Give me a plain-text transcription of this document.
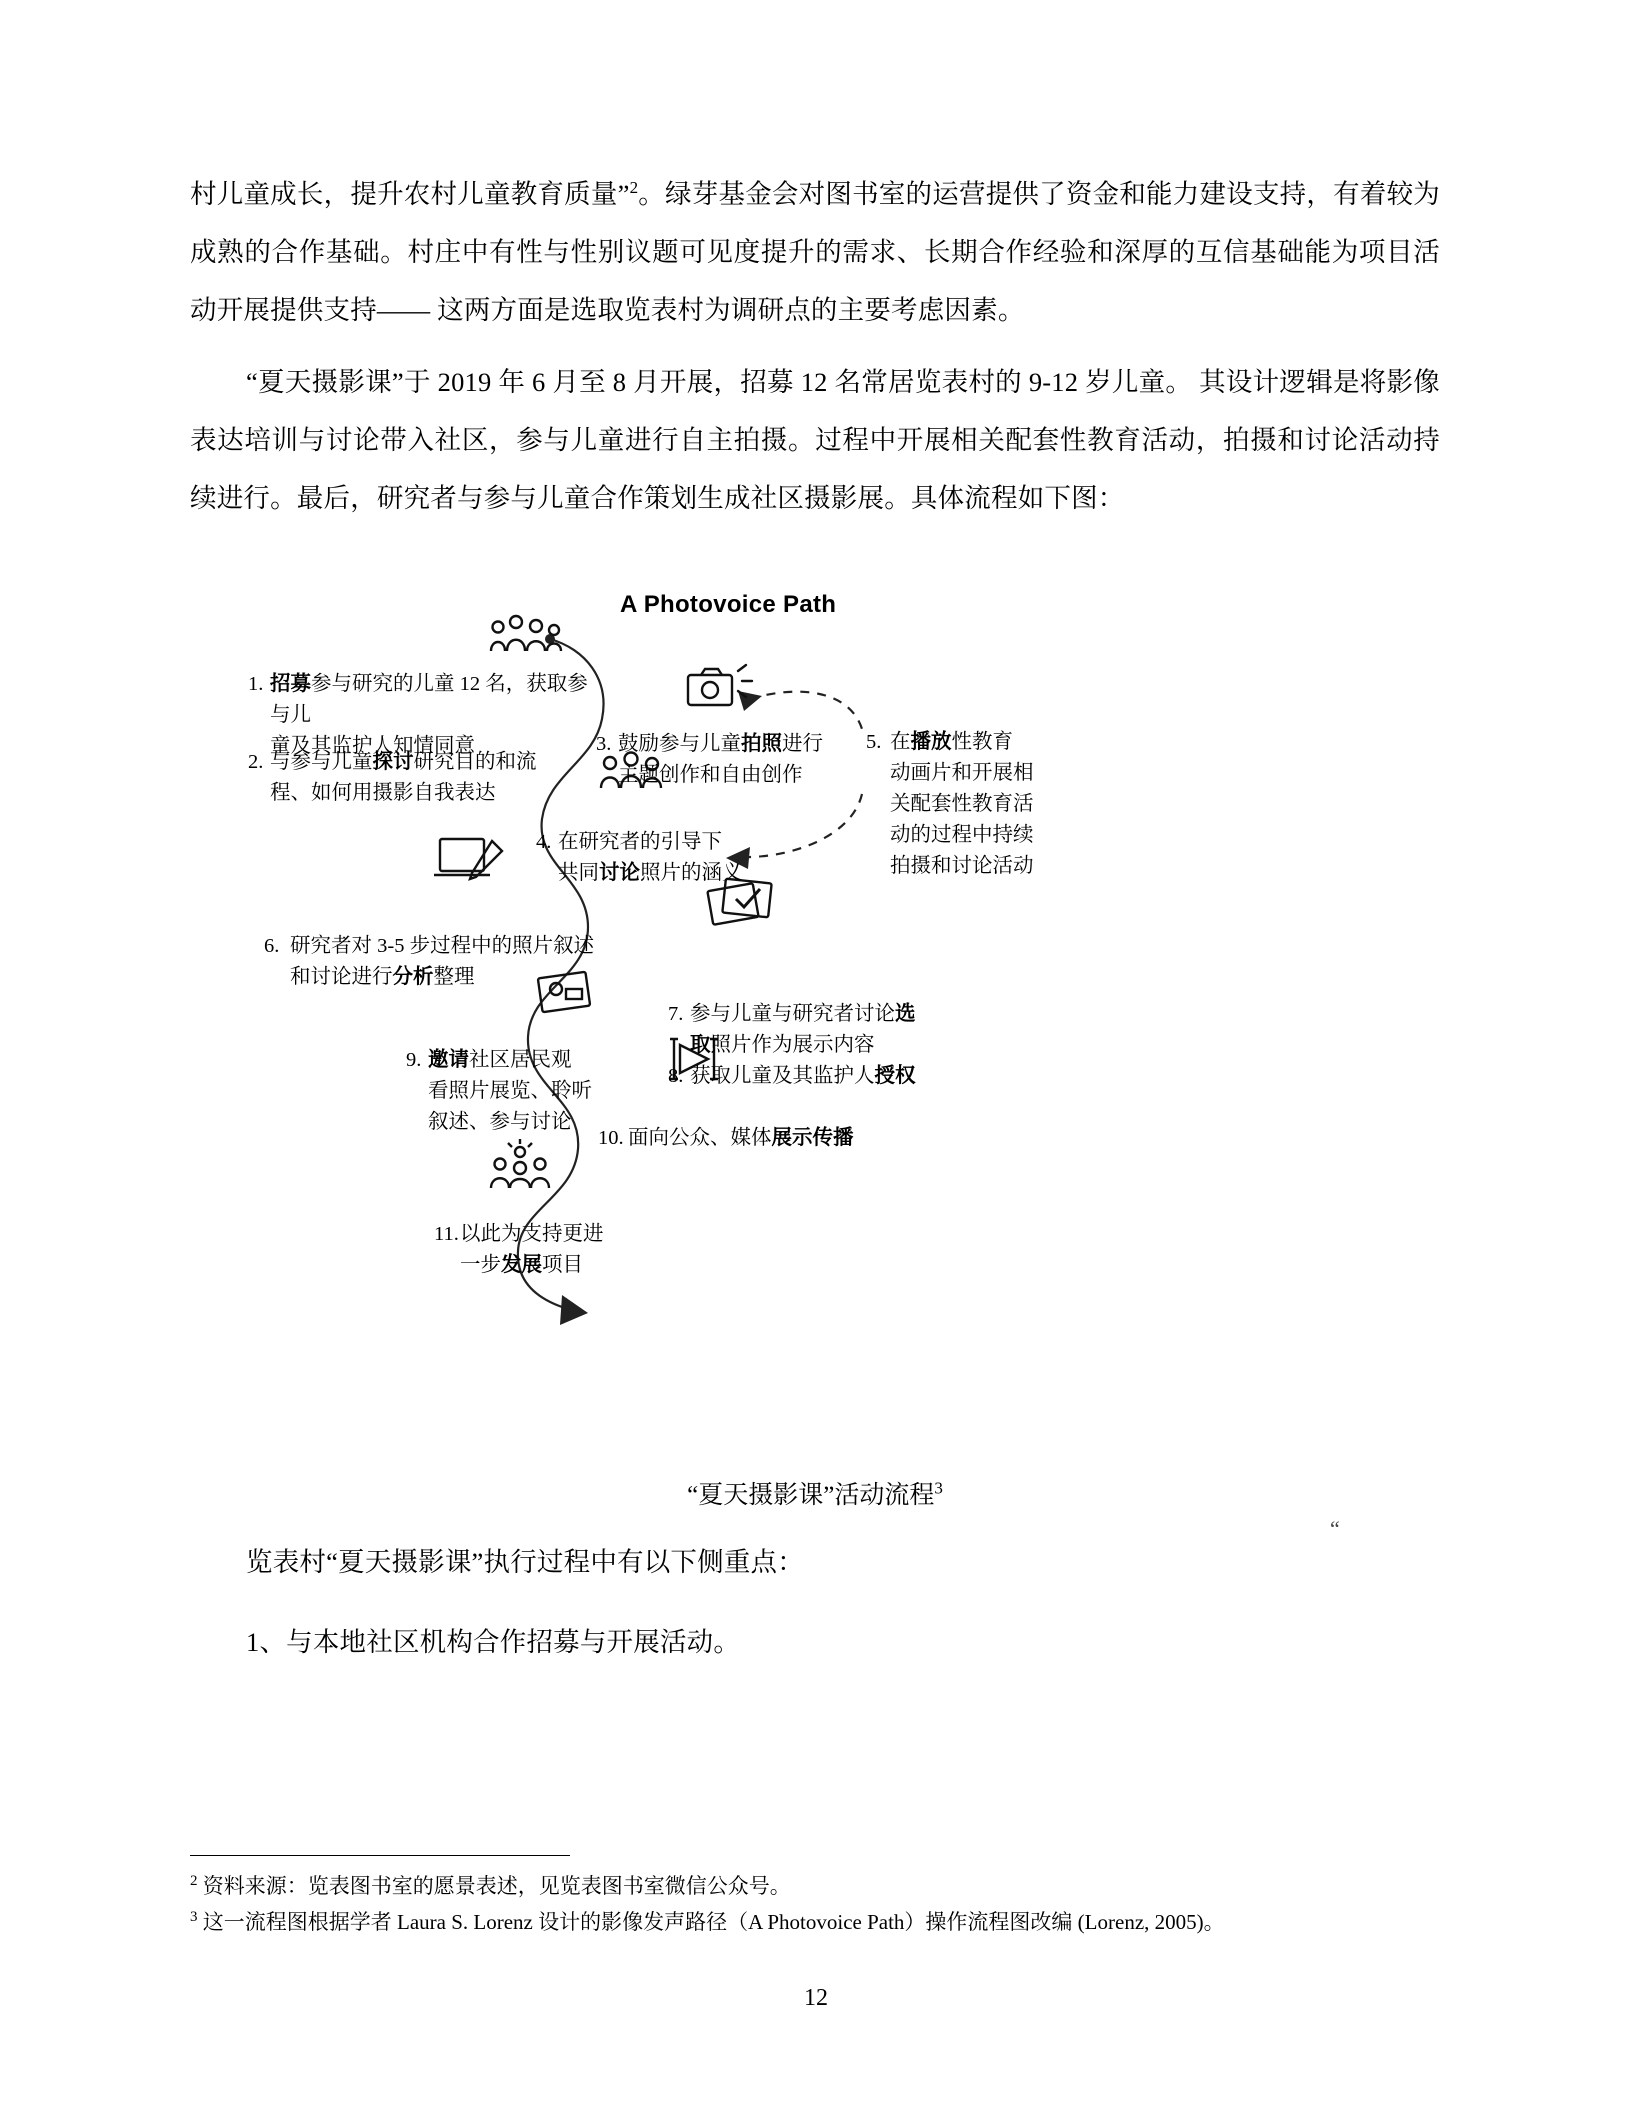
村儿童成长，提升农村儿童教育质量”$^2$。绿芽基金会对图书室的运营提供了资金和能力建设支持，有着较为成熟的合作基础。村庄中有性与性别议题可见度提升的需求、长期合作经验和深厚的互信基础能为项目活动开展提供支持—— 这两方面是选取览表村为调研点的主要考虑因素。

“夏天摄影课”于 2019 年 6 月至 8 月开展，招募 12 名常居览表村的 9-12 岁儿童。 其设计逻辑是将影像表达培训与讨论带入社区，参与儿童进行自主拍摄。过程中开展相关配套性教育活动，拍摄和讨论活动持续进行。最后，研究者与参与儿童合作策划生成社区摄影展。具体流程如下图：

A Photovoice Path
1. 招募参与研究的儿童 12 名，获取参与儿
童及其监护人知情同意
2. 与参与儿童探讨研究目的和流
程、如何用摄影自我表达
3. 鼓励参与儿童拍照进行
主题创作和自由创作
4. 在研究者的引导下
共同讨论照片的涵义
5. 在播放性教育
动画片和开展相
关配套性教育活
动的过程中持续
拍摄和讨论活动
6. 研究者对 3-5 步过程中的照片叙述
和讨论进行分析整理
7. 参与儿童与研究者讨论选
取照片作为展示内容
8. 获取儿童及其监护人授权
9. 邀请社区居民观
看照片展览、聆听
叙述、参与讨论
10. 面向公众、媒体展示传播
11. 以此为支持更进
一步发展项目
“夏天摄影课”活动流程$^3$

览表村“夏天摄影课”执行过程中有以下侧重点：

1、与本地社区机构合作招募与开展活动。

“

$^2$ 资料来源：览表图书室的愿景表述，见览表图书室微信公众号。

$^3$ 这一流程图根据学者 Laura S. Lorenz 设计的影像发声路径（A Photovoice Path）操作流程图改编 (Lorenz, 2005)。

12
